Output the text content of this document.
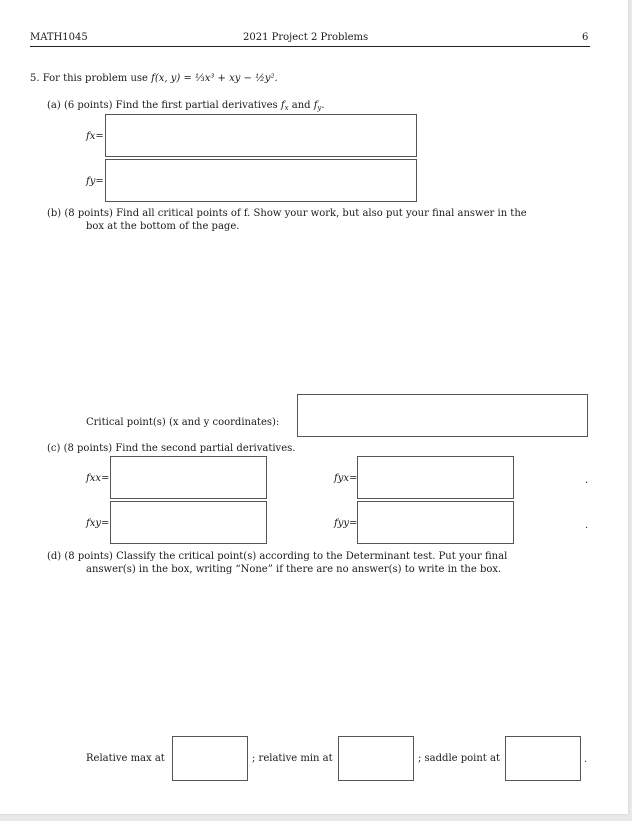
MATH1045	2021 Project 2 Problems	6
5. For this problem use f(x, y) = ⅓x³ + xy − ½y².
(a) (6 points) Find the first partial derivatives $f_x$ and $f_y$.
fx=
fy=
(b) (8 points) Find all critical points of f. Show your work, but also put your final answer in the
box at the bottom of the page.
Critical point(s) (x and y coordinates):
(c) (8 points) Find the second partial derivatives.
fxx=	fyx=	.
fxy=	fyy=	.
(d) (8 points) Classify the critical point(s) according to the Determinant test. Put your final
answer(s) in the box, writing “None” if there are no answer(s) to write in the box.
Relative max at	; relative min at	; saddle point at	.
